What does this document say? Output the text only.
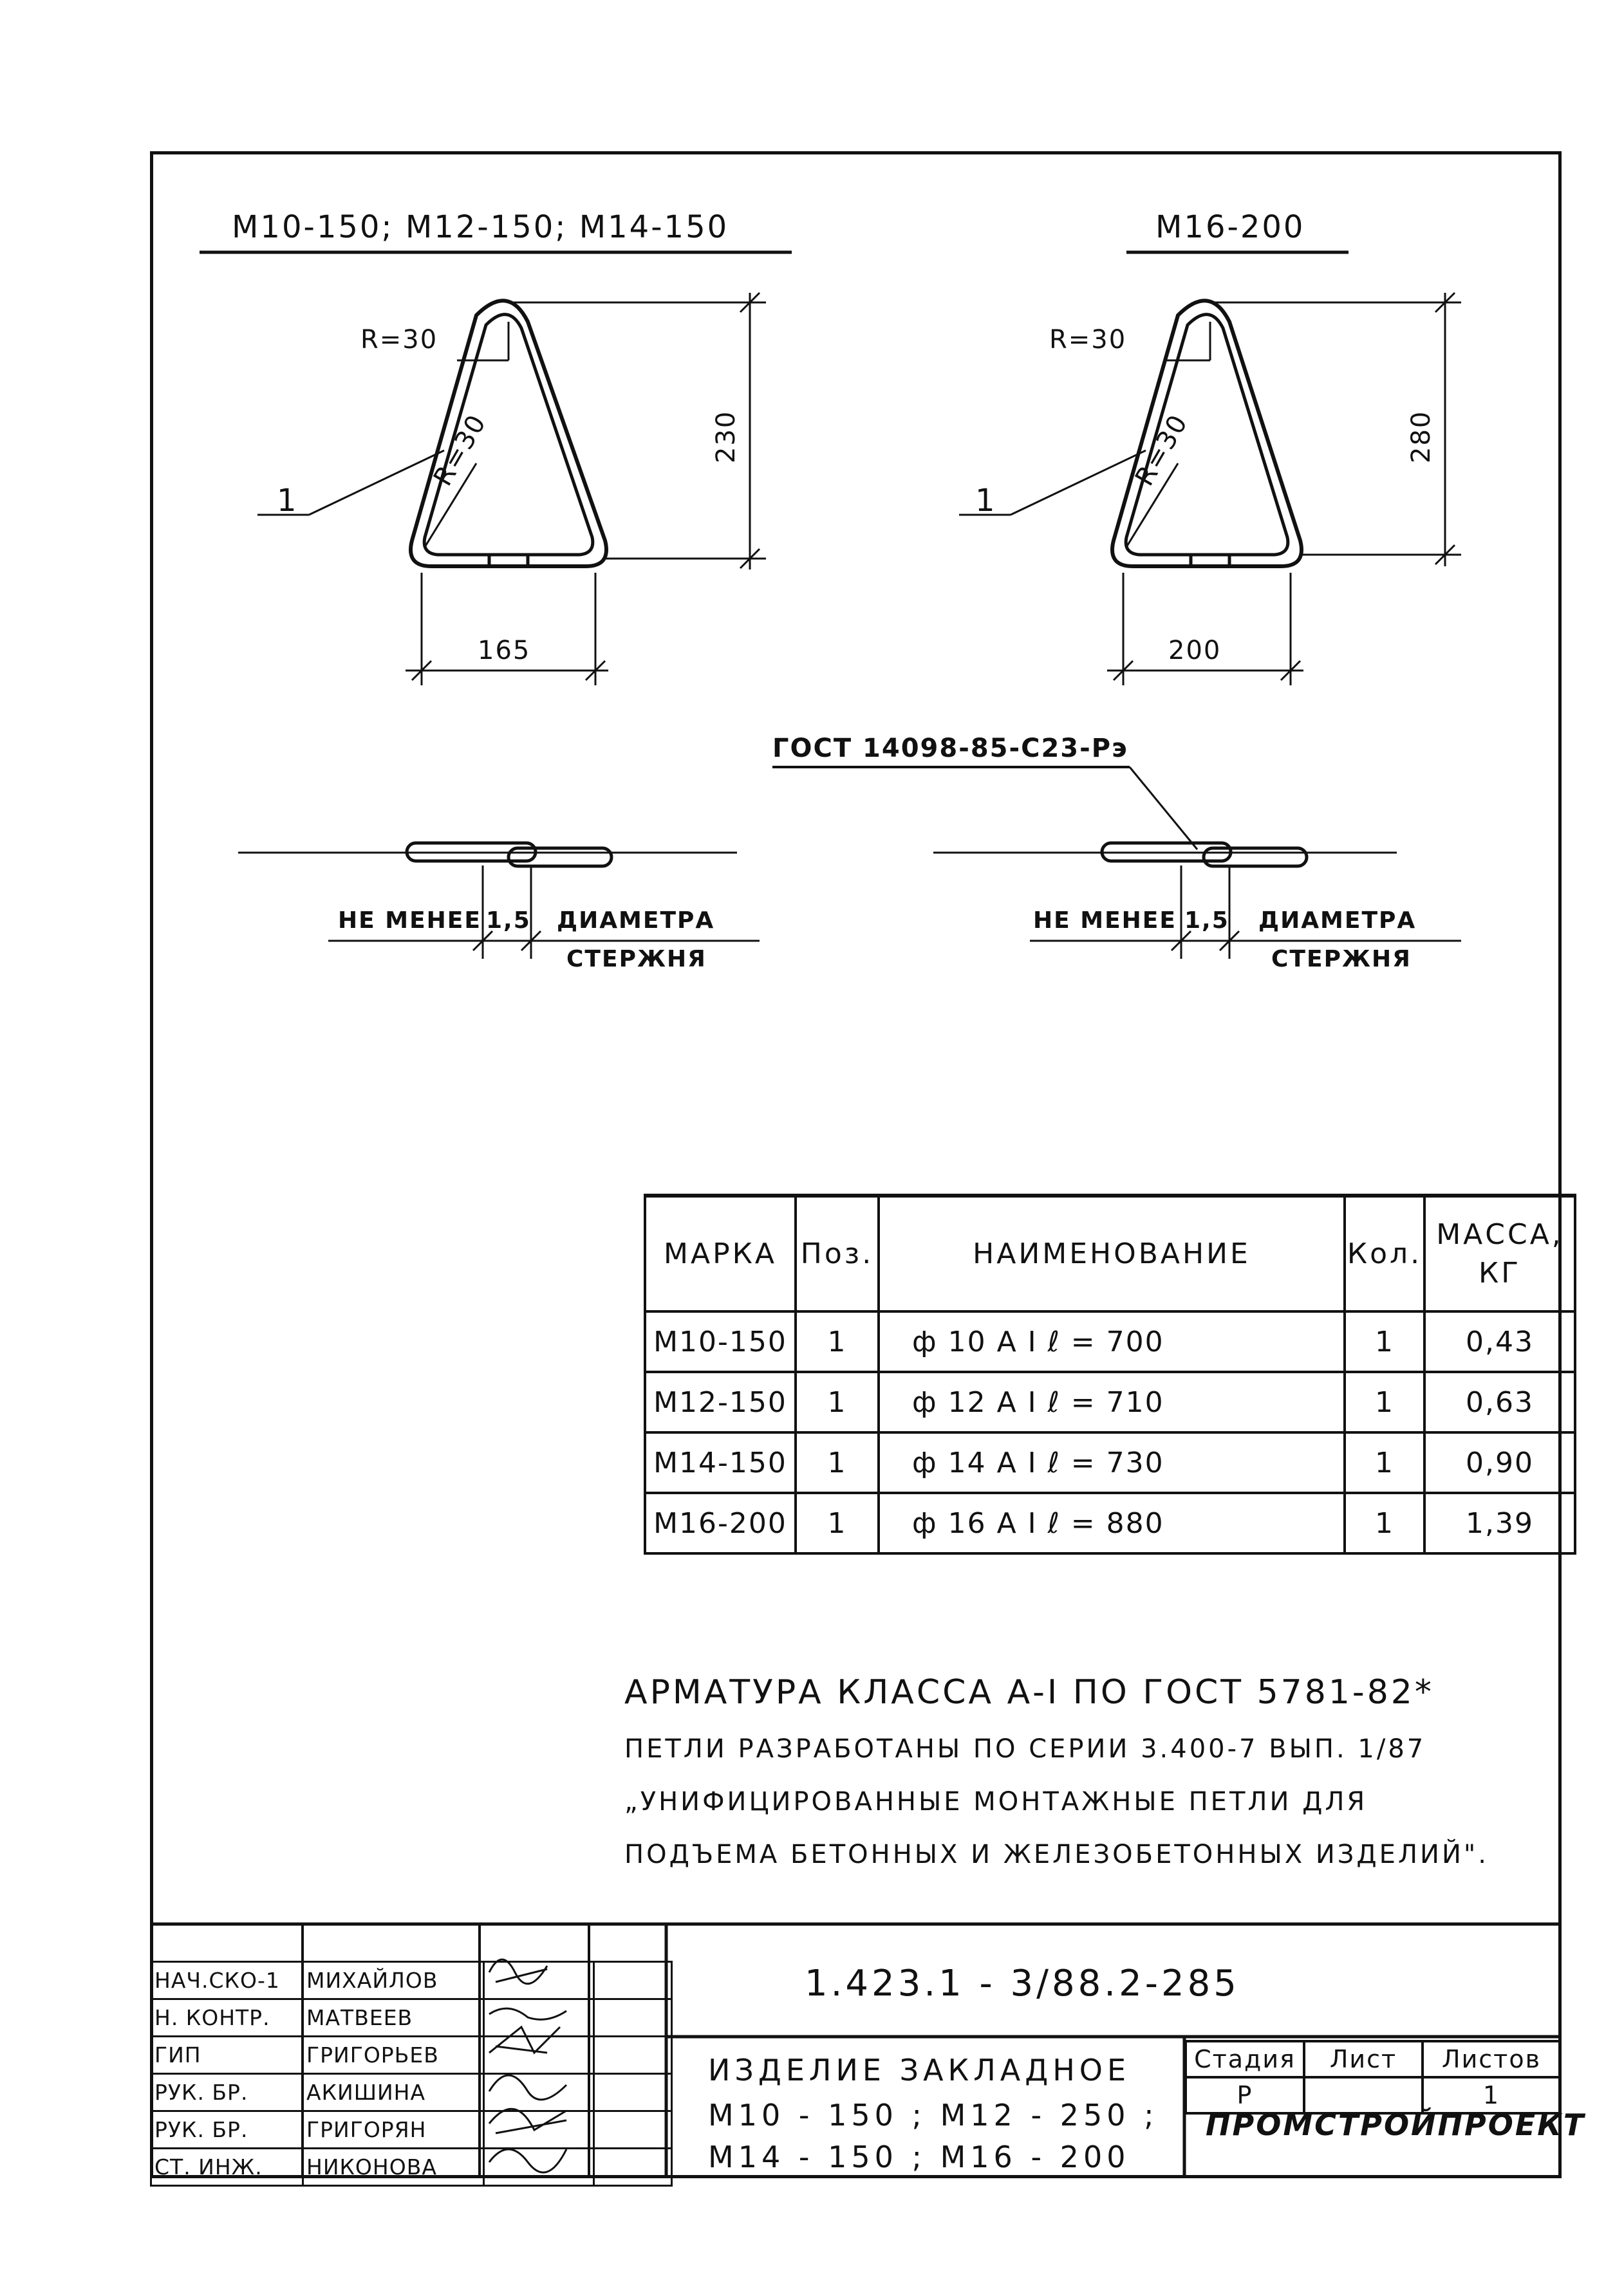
М10-150; М12-150; М14-150
R=30
R=30
1
230
165
М16-200
R=30
R=30
1
280
200
ГОСТ 14098-85-С23-Рэ
НЕ МЕНЕЕ 1,5 ДИАМЕТРА
СТЕРЖНЯ
НЕ МЕНЕЕ 1,5 ДИАМЕТРА
СТЕРЖНЯ
МАРКА	Поз.	НАИМЕНОВАНИЕ	Кол.	МАССА, КГ
М10-150	1	ф 10 А I ℓ = 700	1	0,43
М12-150	1	ф 12 А I ℓ = 710	1	0,63
М14-150	1	ф 14 А I ℓ = 730	1	0,90
М16-200	1	ф 16 А I ℓ = 880	1	1,39
АРМАТУРА КЛАССА А-I ПО ГОСТ 5781-82*
ПЕТЛИ РАЗРАБОТАНЫ ПО СЕРИИ 3.400-7 ВЫП. 1/87
„УНИФИЦИРОВАННЫЕ МОНТАЖНЫЕ ПЕТЛИ ДЛЯ
ПОДЪЕМА БЕТОННЫХ И ЖЕЛЕЗОБЕТОННЫХ ИЗДЕЛИЙ".
НАЧ.СКО-1	МИХАЙЛОВ		
Н. КОНТР.	МАТВЕЕВ		
ГИП	ГРИГОРЬЕВ		
РУК. БР.	АКИШИНА		
РУК. БР.	ГРИГОРЯН		
СТ. ИНЖ.	НИКОНОВА		
1.423.1 - 3/88.2-285
ИЗДЕЛИЕ ЗАКЛАДНОЕ
М10 - 150 ; М12 - 250 ;
М14 - 150 ; М16 - 200
Стадия	Лист	Листов
Р		1
ПРОМСТРОЙПРОЕКТ
